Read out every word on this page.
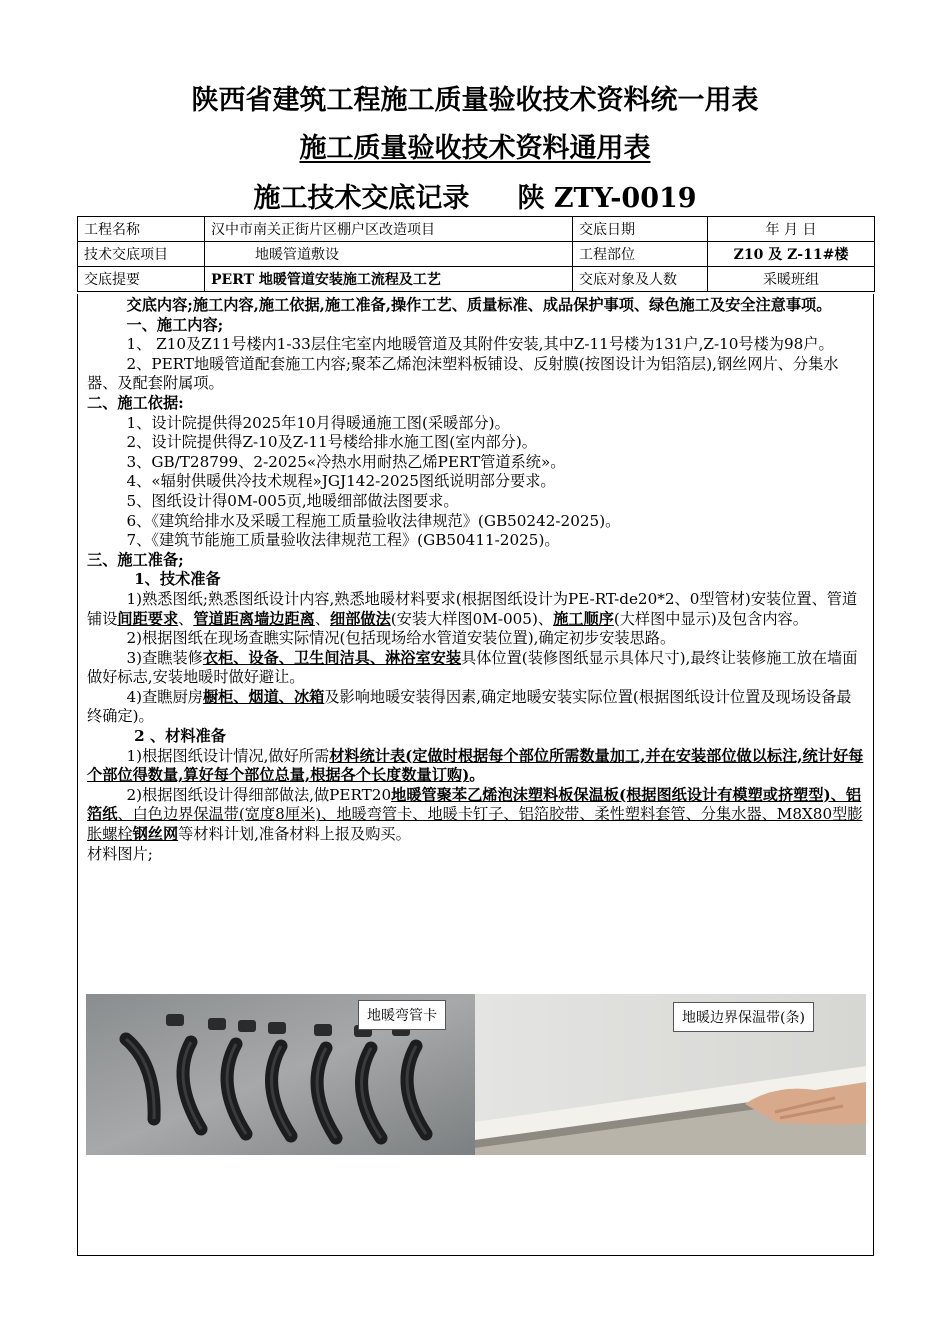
陕西省建筑工程施工质量验收技术资料统一用表
施工质量验收技术资料通用表
施工技术交底记录 陕 ZTY-0019
工程名称	汉中市南关正街片区棚户区改造项目	交底日期	年 月 日
技术交底项目	地暖管道敷设	工程部位	Z10 及 Z-11#楼
交底提要	PERT 地暖管道安装施工流程及工艺	交底对象及人数	采暖班组

交底内容;施工内容,施工依据,施工准备,操作工艺、质量标准、成品保护事项、绿色施工及安全注意事项。

一、施工内容;

1、 Z10及Z11号楼内1-33层住宅室内地暖管道及其附件安装,其中Z-11号楼为131户,Z-10号楼为98户。

2、PERT地暖管道配套施工内容;聚苯乙烯泡沫塑料板铺设、反射膜(按图设计为铝箔层),钢丝网片、分集水器、及配套附属项。

二、施工依据:

1、设计院提供得2025年10月得暖通施工图(采暖部分)。

2、设计院提供得Z-10及Z-11号楼给排水施工图(室内部分)。

3、GB/T28799、2-2025«冷热水用耐热乙烯PERT管道系统»。

4、«辐射供暖供冷技术规程»JGJ142-2025图纸说明部分要求。

5、图纸设计得0M-005页,地暖细部做法图要求。

6、《建筑给排水及采暖工程施工质量验收法律规范》(GB50242-2025)。

7、《建筑节能施工质量验收法律规范工程》(GB50411-2025)。

三、施工准备;

1、技术准备

1)熟悉图纸;熟悉图纸设计内容,熟悉地暖材料要求(根据图纸设计为PE-RT-de20*2、0型管材)安装位置、管道铺设间距要求、管道距离墙边距离、细部做法(安装大样图0M-005)、施工顺序(大样图中显示)及包含内容。

2)根据图纸在现场查瞧实际情况(包括现场给水管道安装位置),确定初步安装思路。

3)查瞧装修衣柜、设备、卫生间洁具、淋浴室安装具体位置(装修图纸显示具体尺寸),最终让装修施工放在墙面做好标志,安装地暖时做好避让。

4)查瞧厨房橱柜、烟道、冰箱及影响地暖安装得因素,确定地暖安装实际位置(根据图纸设计位置及现场设备最终确定)。

2 、材料准备

1)根据图纸设计情况,做好所需材料统计表(定做时根据每个部位所需数量加工,并在安装部位做以标注,统计好每个部位得数量,算好每个部位总量,根据各个长度数量订购)。

2)根据图纸设计得细部做法,做PERT20地暖管聚苯乙烯泡沫塑料板保温板(根据图纸设计有模塑或挤塑型)、铝箔纸、白色边界保温带(宽度8厘米)、地暖弯管卡、地暖卡钉子、铝箔胶带、柔性塑料套管、分集水器、M8X80型膨胀螺栓钢丝网等材料计划,准备材料上报及购买。

材料图片;

地暖弯管卡	地暖边界保温带(条)
